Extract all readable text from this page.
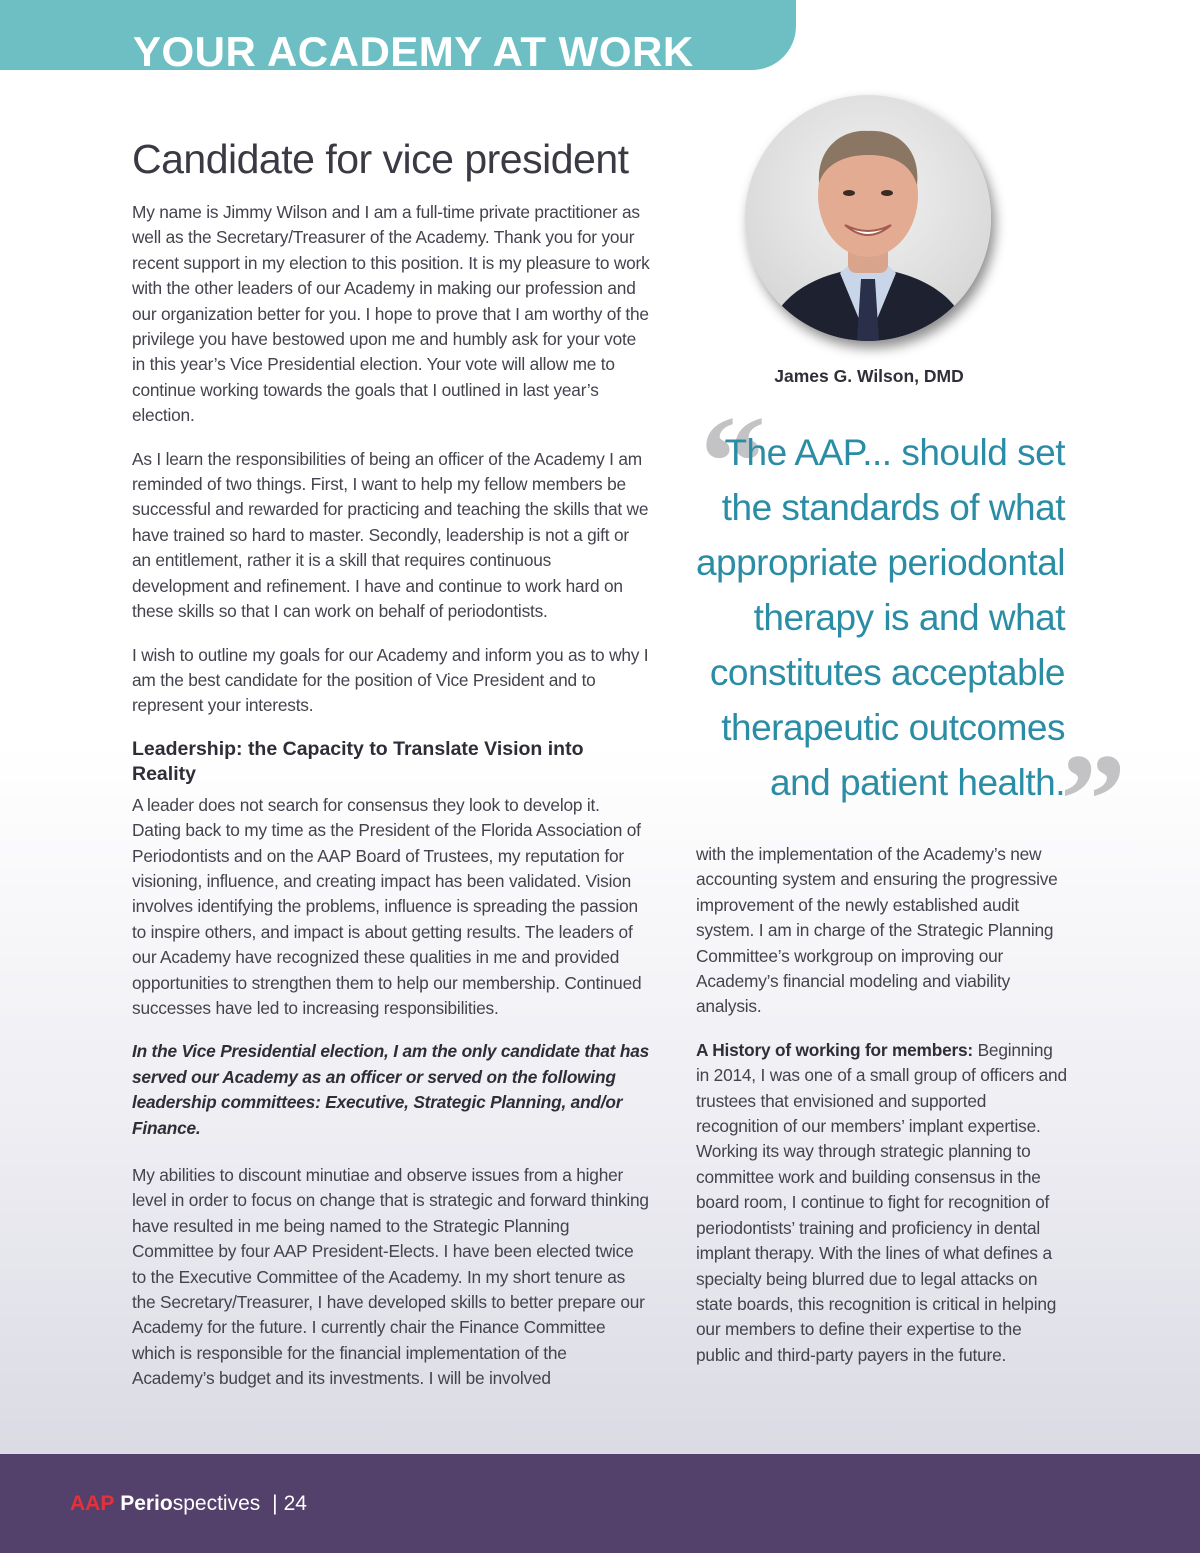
YOUR ACADEMY AT WORK
Candidate for vice president

My name is Jimmy Wilson and I am a full-time private practitioner as well as the Secretary/Treasurer of the Academy. Thank you for your recent support in my election to this position. It is my pleasure to work with the other leaders of our Academy in making our profession and our organization better for you. I hope to prove that I am worthy of the privilege you have bestowed upon me and humbly ask for your vote in this year’s Vice Presidential election. Your vote will allow me to continue working towards the goals that I outlined in last year’s election.

As I learn the responsibilities of being an officer of the Academy I am reminded of two things. First, I want to help my fellow members be successful and rewarded for practicing and teaching the skills that we have trained so hard to master. Secondly, leadership is not a gift or an entitlement, rather it is a skill that requires continuous development and refinement. I have and continue to work hard on these skills so that I can work on behalf of periodontists.

I wish to outline my goals for our Academy and inform you as to why I am the best candidate for the position of Vice President and to represent your interests.

Leadership: the Capacity to Translate Vision into Reality

A leader does not search for consensus they look to develop it. Dating back to my time as the President of the Florida Association of Periodontists and on the AAP Board of Trustees, my reputation for visioning, influence, and creating impact has been validated. Vision involves identifying the problems, influence is spreading the passion to inspire others, and impact is about getting results. The leaders of our Academy have recognized these qualities in me and provided opportunities to strengthen them to help our membership. Continued successes have led to increasing responsibilities.

In the Vice Presidential election, I am the only candidate that has served our Academy as an officer or served on the following leadership committees: Executive, Strategic Planning, and/or Finance.

My abilities to discount minutiae and observe issues from a higher level in order to focus on change that is strategic and forward thinking have resulted in me being named to the Strategic Planning Committee by four AAP President-Elects. I have been elected twice to the Executive Committee of the Academy. In my short tenure as the Secretary/Treasurer, I have developed skills to better prepare our Academy for the future. I currently chair the Finance Committee which is responsible for the financial implementation of the Academy’s budget and its investments. I will be involved

James G. Wilson, DMD

“

The AAP... should set the standards of what appropriate periodontal therapy is and what constitutes acceptable therapeutic outcomes and patient health.

”

with the implementation of the Academy’s new accounting system and ensuring the progressive improvement of the newly established audit system. I am in charge of the Strategic Planning Committee’s workgroup on improving our Academy’s financial modeling and viability analysis.

A History of working for members: Beginning in 2014, I was one of a small group of officers and trustees that envisioned and supported recognition of our members’ implant expertise. Working its way through strategic planning to committee work and building consensus in the board room, I continue to fight for recognition of periodontists’ training and proficiency in dental implant therapy. With the lines of what defines a specialty being blurred due to legal attacks on state boards, this recognition is critical in helping our members to define their expertise to the public and third-party payers in the future.

AAP Periospectives | 24
